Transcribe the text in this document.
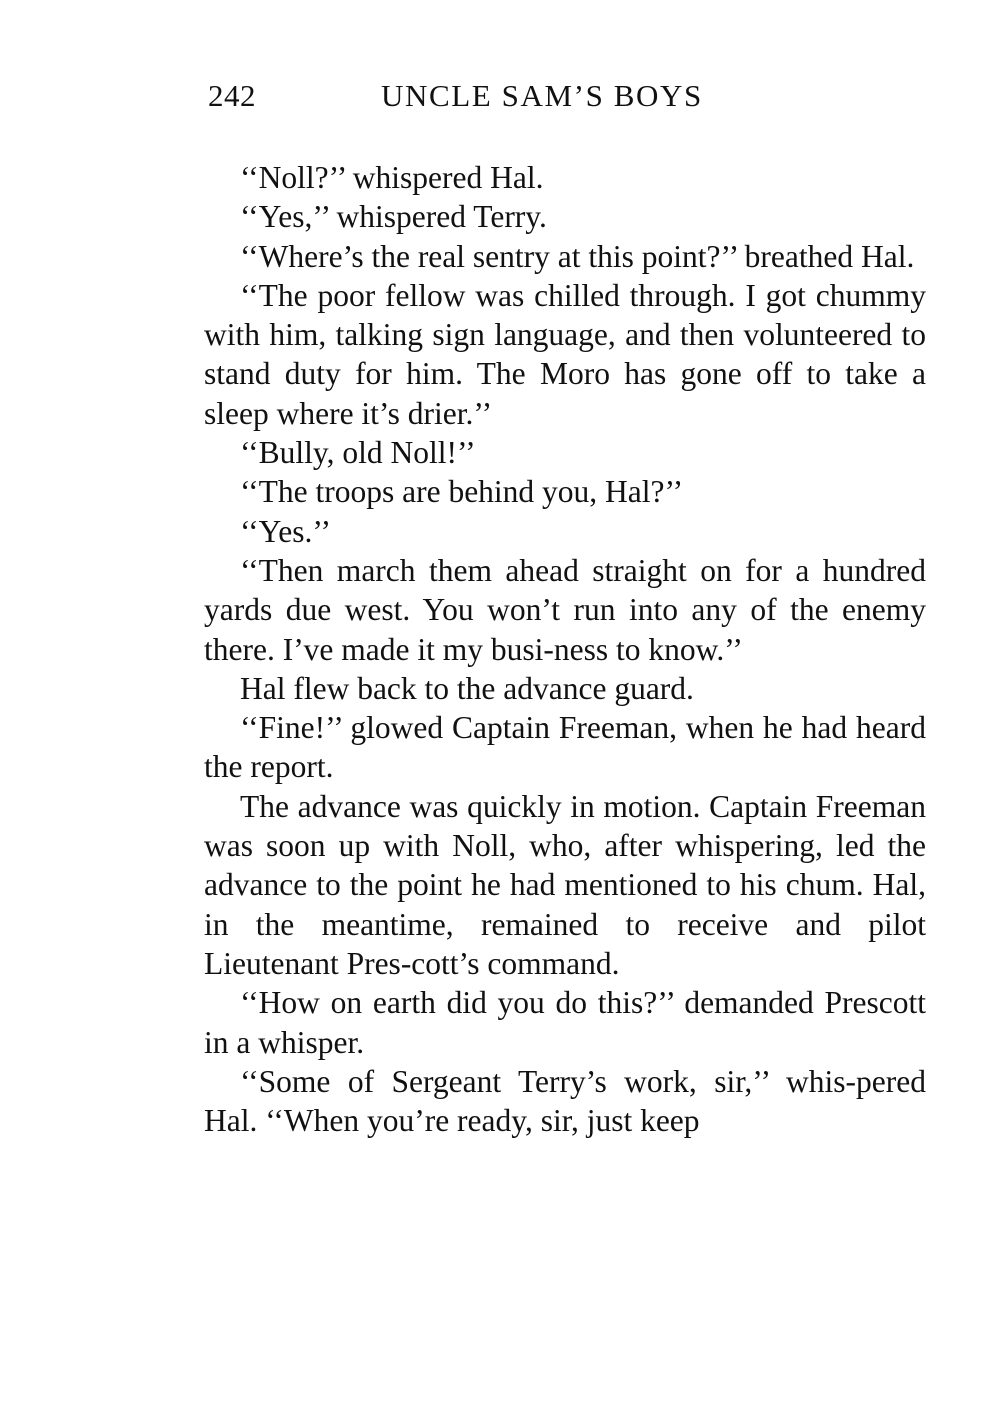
242	UNCLE SAM’S BOYS

‘‘Noll?’’ whispered Hal.

‘‘Yes,’’ whispered Terry.

‘‘Where’s the real sentry at this point?’’ breathed Hal.

‘‘The poor fellow was chilled through. I got chummy with him, talking sign language, and then volunteered to stand duty for him. The Moro has gone off to take a sleep where it’s drier.’’

‘‘Bully, old Noll!’’

‘‘The troops are behind you, Hal?’’

‘‘Yes.’’

‘‘Then march them ahead straight on for a hundred yards due west. You won’t run into any of the enemy there. I’ve made it my busi-ness to know.’’

Hal flew back to the advance guard.

‘‘Fine!’’ glowed Captain Freeman, when he had heard the report.

The advance was quickly in motion. Captain Freeman was soon up with Noll, who, after whispering, led the advance to the point he had mentioned to his chum. Hal, in the meantime, remained to receive and pilot Lieutenant Pres-cott’s command.

‘‘How on earth did you do this?’’ demanded Prescott in a whisper.

‘‘Some of Sergeant Terry’s work, sir,’’ whis-pered Hal. ‘‘When you’re ready, sir, just keep
